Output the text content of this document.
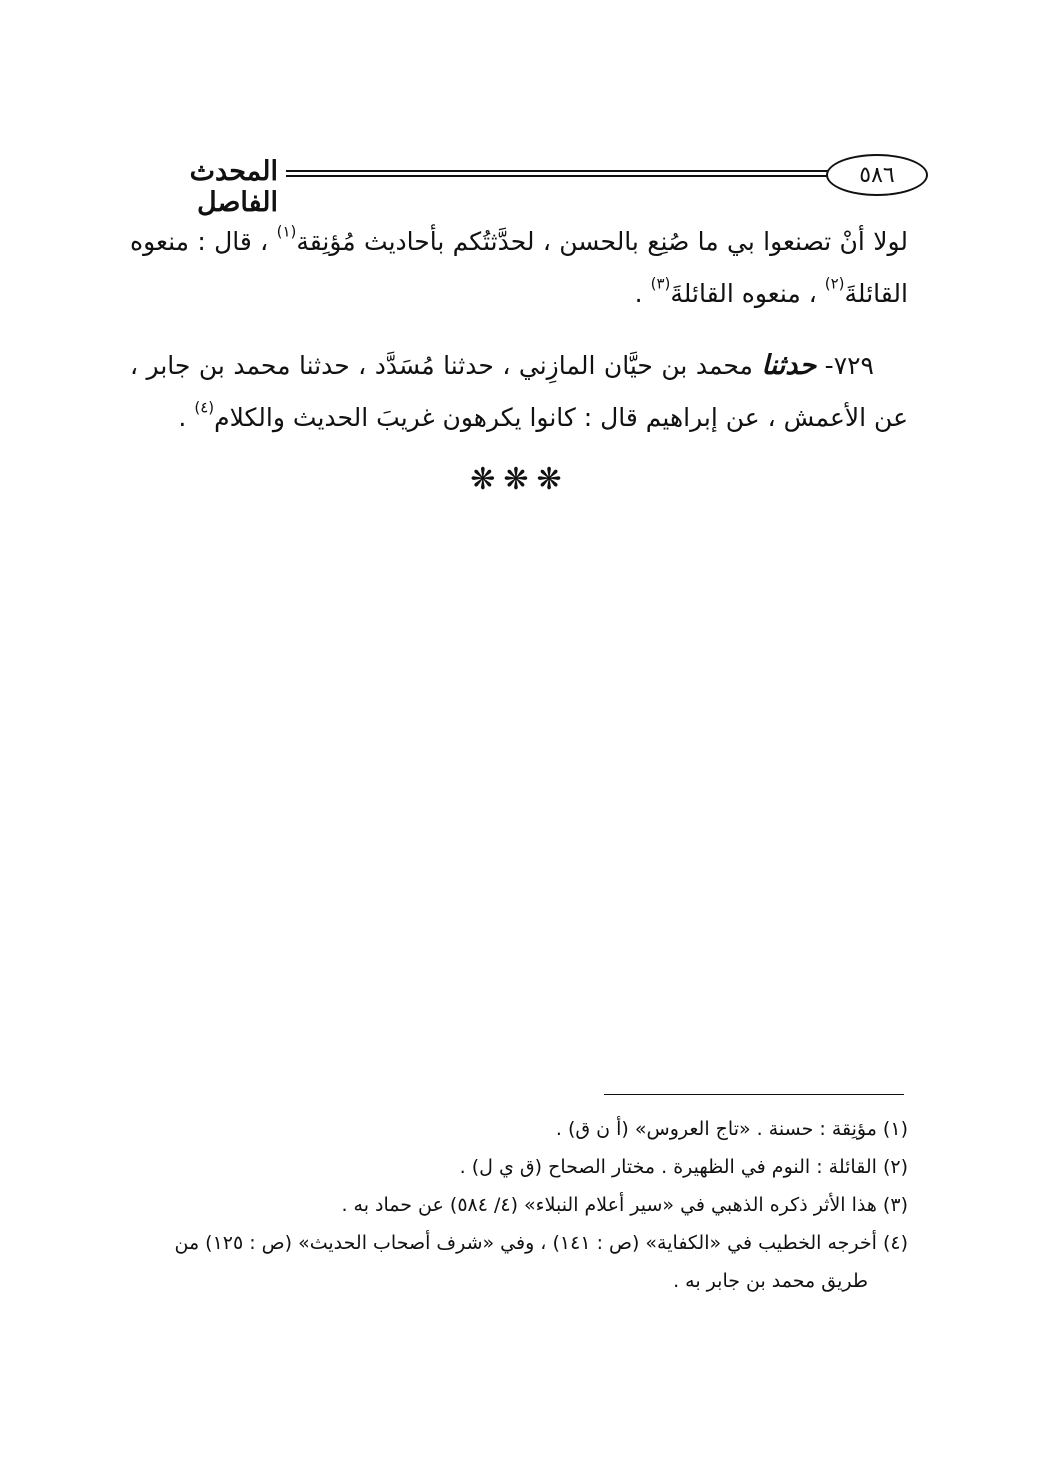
٥٨٦
المحدث الفاصل
لولا أنْ تصنعوا بي ما صُنِع بالحسن ، لحدَّثتُكم بأحاديث مُؤنِقة$^{(١)}$ ، قال : منعوه القائلةَ$^{(٢)}$ ، منعوه القائلةَ$^{(٣)}$ .
٧٢٩- حدثنا محمد بن حيَّان المازِني ، حدثنا مُسَدَّد ، حدثنا محمد بن جابر ، عن الأعمش ، عن إبراهيم قال : كانوا يكرهون غريبَ الحديث والكلام$^{(٤)}$ .
❋❋❋

(١) مؤنِقة : حسنة . «تاج العروس» (أ ن ق) .

(٢) القائلة : النوم في الظهيرة . مختار الصحاح (ق ي ل) .

(٣) هذا الأثر ذكره الذهبي في «سير أعلام النبلاء» (٤/ ٥٨٤) عن حماد به .

(٤) أخرجه الخطيب في «الكفاية» (ص : ١٤١) ، وفي «شرف أصحاب الحديث» (ص : ١٢٥) من

طريق محمد بن جابر به .
